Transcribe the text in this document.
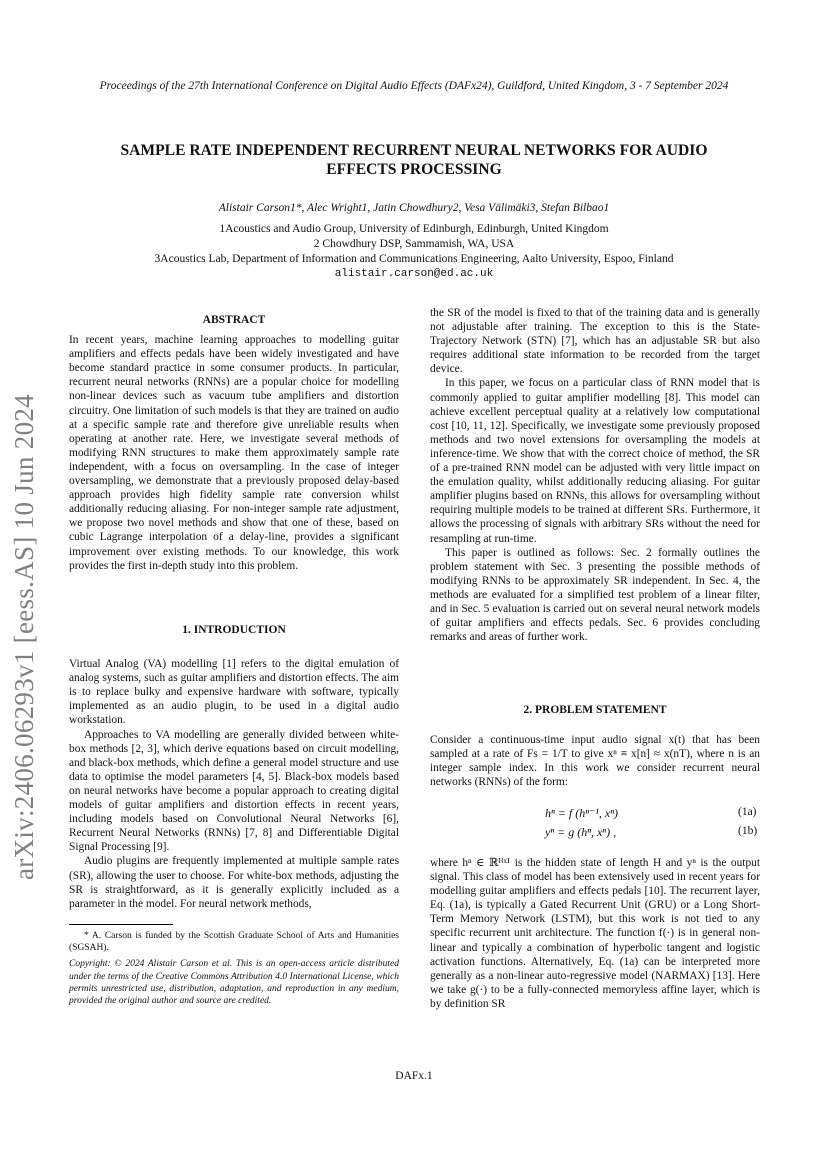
Proceedings of the 27th International Conference on Digital Audio Effects (DAFx24), Guildford, United Kingdom, 3 - 7 September 2024
SAMPLE RATE INDEPENDENT RECURRENT NEURAL NETWORKS FOR AUDIO EFFECTS PROCESSING
Alistair Carson1*, Alec Wright1, Jatin Chowdhury2, Vesa Välimäki3, Stefan Bilbao1
1Acoustics and Audio Group, University of Edinburgh, Edinburgh, United Kingdom
2 Chowdhury DSP, Sammamish, WA, USA
3Acoustics Lab, Department of Information and Communications Engineering, Aalto University, Espoo, Finland
alistair.carson@ed.ac.uk
arXiv:2406.06293v1 [eess.AS] 10 Jun 2024
ABSTRACT

In recent years, machine learning approaches to modelling guitar amplifiers and effects pedals have been widely investigated and have become standard practice in some consumer products. In particular, recurrent neural networks (RNNs) are a popular choice for modelling non-linear devices such as vacuum tube amplifiers and distortion circuitry. One limitation of such models is that they are trained on audio at a specific sample rate and therefore give unreliable results when operating at another rate. Here, we investigate several methods of modifying RNN structures to make them approximately sample rate independent, with a focus on oversampling. In the case of integer oversampling, we demonstrate that a previously proposed delay-based approach provides high fidelity sample rate conversion whilst additionally reducing aliasing. For non-integer sample rate adjustment, we propose two novel methods and show that one of these, based on cubic Lagrange interpolation of a delay-line, provides a significant improvement over existing methods. To our knowledge, this work provides the first in-depth study into this problem.

1. INTRODUCTION

Virtual Analog (VA) modelling [1] refers to the digital emulation of analog systems, such as guitar amplifiers and distortion effects. The aim is to replace bulky and expensive hardware with software, typically implemented as an audio plugin, to be used in a digital audio workstation.

Approaches to VA modelling are generally divided between white-box methods [2, 3], which derive equations based on circuit modelling, and black-box methods, which define a general model structure and use data to optimise the model parameters [4, 5]. Black-box models based on neural networks have become a popular approach to creating digital models of guitar amplifiers and distortion effects in recent years, including models based on Convolutional Neural Networks [6], Recurrent Neural Networks (RNNs) [7, 8] and Differentiable Digital Signal Processing [9].

Audio plugins are frequently implemented at multiple sample rates (SR), allowing the user to choose. For white-box methods, adjusting the SR is straightforward, as it is generally explicitly included as a parameter in the model. For neural network methods,

* A. Carson is funded by the Scottish Graduate School of Arts and Humanities (SGSAH).

Copyright: © 2024 Alistair Carson et al. This is an open-access article distributed under the terms of the Creative Commons Attribution 4.0 International License, which permits unrestricted use, distribution, adaptation, and reproduction in any medium, provided the original author and source are credited.

the SR of the model is fixed to that of the training data and is generally not adjustable after training. The exception to this is the State-Trajectory Network (STN) [7], which has an adjustable SR but also requires additional state information to be recorded from the target device.

In this paper, we focus on a particular class of RNN model that is commonly applied to guitar amplifier modelling [8]. This model can achieve excellent perceptual quality at a relatively low computational cost [10, 11, 12]. Specifically, we investigate some previously proposed methods and two novel extensions for oversampling the models at inference-time. We show that with the correct choice of method, the SR of a pre-trained RNN model can be adjusted with very little impact on the emulation quality, whilst additionally reducing aliasing. For guitar amplifier plugins based on RNNs, this allows for oversampling without requiring multiple models to be trained at different SRs. Furthermore, it allows the processing of signals with arbitrary SRs without the need for resampling at run-time.

This paper is outlined as follows: Sec. 2 formally outlines the problem statement with Sec. 3 presenting the possible methods of modifying RNNs to be approximately SR independent. In Sec. 4, the methods are evaluated for a simplified test problem of a linear filter, and in Sec. 5 evaluation is carried out on several neural network models of guitar amplifiers and effects pedals. Sec. 6 provides concluding remarks and areas of further work.

2. PROBLEM STATEMENT

Consider a continuous-time input audio signal x(t) that has been sampled at a rate of Fs = 1/T to give xⁿ ≡ x[n] ≈ x(nT), where n is an integer sample index. In this work we consider recurrent neural networks (RNNs) of the form:

hⁿ = f (hⁿ⁻¹, xⁿ)	(1a)
yⁿ = g (hⁿ, xⁿ) ,	(1b)

where hⁿ ∈ ℝᴴˣ¹ is the hidden state of length H and yⁿ is the output signal. This class of model has been extensively used in recent years for modelling guitar amplifiers and effects pedals [10]. The recurrent layer, Eq. (1a), is typically a Gated Recurrent Unit (GRU) or a Long Short-Term Memory Network (LSTM), but this work is not tied to any specific recurrent unit architecture. The function f(·) is in general non-linear and typically a combination of hyperbolic tangent and logistic activation functions. Alternatively, Eq. (1a) can be interpreted more generally as a non-linear auto-regressive model (NARMAX) [13]. Here we take g(·) to be a fully-connected memoryless affine layer, which is by definition SR

DAFx.1
